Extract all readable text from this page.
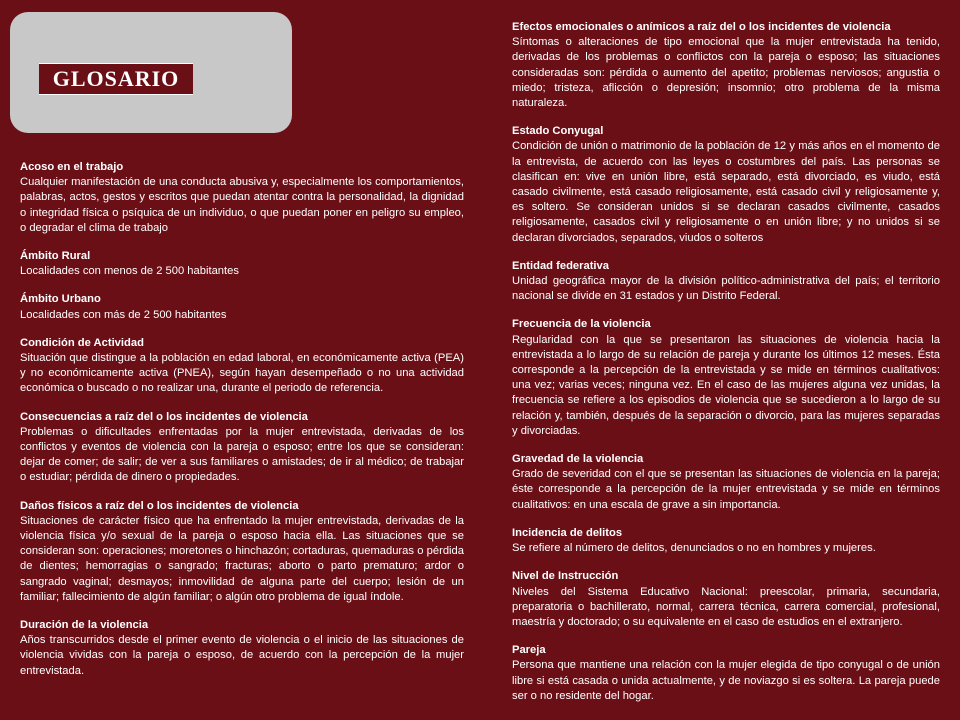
GLOSARIO
Acoso en el trabajo
Cualquier manifestación de una conducta abusiva y, especialmente los comportamientos, palabras, actos, gestos y escritos que puedan atentar contra la personalidad, la dignidad o integridad física o psíquica de un individuo, o que puedan poner en peligro su empleo, o degradar el clima de trabajo
Ámbito Rural
Localidades con menos de 2 500 habitantes
Ámbito Urbano
Localidades con más de 2 500 habitantes
Condición de Actividad
Situación que distingue a la población en edad laboral, en económicamente activa (PEA) y no económicamente activa (PNEA), según hayan desempeñado o no una actividad económica o buscado o no realizar una, durante el periodo de referencia.
Consecuencias a raíz del o los incidentes de violencia
Problemas o dificultades enfrentadas por la mujer entrevistada, derivadas de los conflictos y eventos de violencia con la pareja o esposo; entre los que se consideran: dejar de comer; de salir; de ver a sus familiares o amistades; de ir al médico; de trabajar o estudiar; pérdida de dinero o propiedades.
Daños físicos a raíz del o los incidentes de violencia
Situaciones de carácter físico que ha enfrentado la mujer entrevistada, derivadas de la violencia física y/o sexual de la pareja o esposo hacia ella. Las situaciones que se consideran son: operaciones; moretones o hinchazón; cortaduras, quemaduras o pérdida de dientes; hemorragias o sangrado; fracturas; aborto o parto prematuro; ardor o sangrado vaginal; desmayos; inmovilidad de alguna parte del cuerpo; lesión de un familiar; fallecimiento de algún familiar; o algún otro problema de igual índole.
Duración de la violencia
Años transcurridos desde el primer evento de violencia o el inicio de las situaciones de violencia vividas con la pareja o esposo, de acuerdo con la percepción de la mujer entrevistada.
Efectos emocionales o anímicos a raíz del o los incidentes de violencia
Síntomas o alteraciones de tipo emocional que la mujer entrevistada ha tenido, derivadas de los problemas o conflictos con la pareja o esposo; las situaciones consideradas son: pérdida o aumento del apetito; problemas nerviosos; angustia o miedo; tristeza, aflicción o depresión; insomnio; otro problema de la misma naturaleza.
Estado Conyugal
Condición de unión o matrimonio de la población de 12 y más años en el momento de la entrevista, de acuerdo con las leyes o costumbres del país. Las personas se clasifican en: vive en unión libre, está separado, está divorciado, es viudo, está casado civilmente, está casado religiosamente, está casado civil y religiosamente y, es soltero. Se consideran unidos si se declaran casados civilmente, casados religiosamente, casados civil y religiosamente o en unión libre; y no unidos si se declaran divorciados, separados, viudos o solteros
Entidad federativa
Unidad geográfica mayor de la división político-administrativa del país; el territorio nacional se divide en 31 estados y un Distrito Federal.
Frecuencia de la violencia
Regularidad con la que se presentaron las situaciones de violencia hacia la entrevistada a lo largo de su relación de pareja y durante los últimos 12 meses. Ésta corresponde a la percepción de la entrevistada y se mide en términos cualitativos: una vez; varias veces; ninguna vez. En el caso de las mujeres alguna vez unidas, la frecuencia se refiere a los episodios de violencia que se sucedieron a lo largo de su relación y, también, después de la separación o divorcio, para las mujeres separadas y divorciadas.
Gravedad de la violencia
Grado de severidad con el que se presentan las situaciones de violencia en la pareja; éste corresponde a la percepción de la mujer entrevistada y se mide en términos cualitativos: en una escala de grave a sin importancia.
Incidencia de delitos
Se refiere al número de delitos, denunciados o no en hombres y mujeres.
Nivel de Instrucción
Niveles del Sistema Educativo Nacional: preescolar, primaria, secundaria, preparatoria o bachillerato, normal, carrera técnica, carrera comercial, profesional, maestría y doctorado; o su equivalente en el caso de estudios en el extranjero.
Pareja
Persona que mantiene una relación con la mujer elegida de tipo conyugal o de unión libre si está casada o unida actualmente, y de noviazgo si es soltera. La pareja puede ser o no residente del hogar.
